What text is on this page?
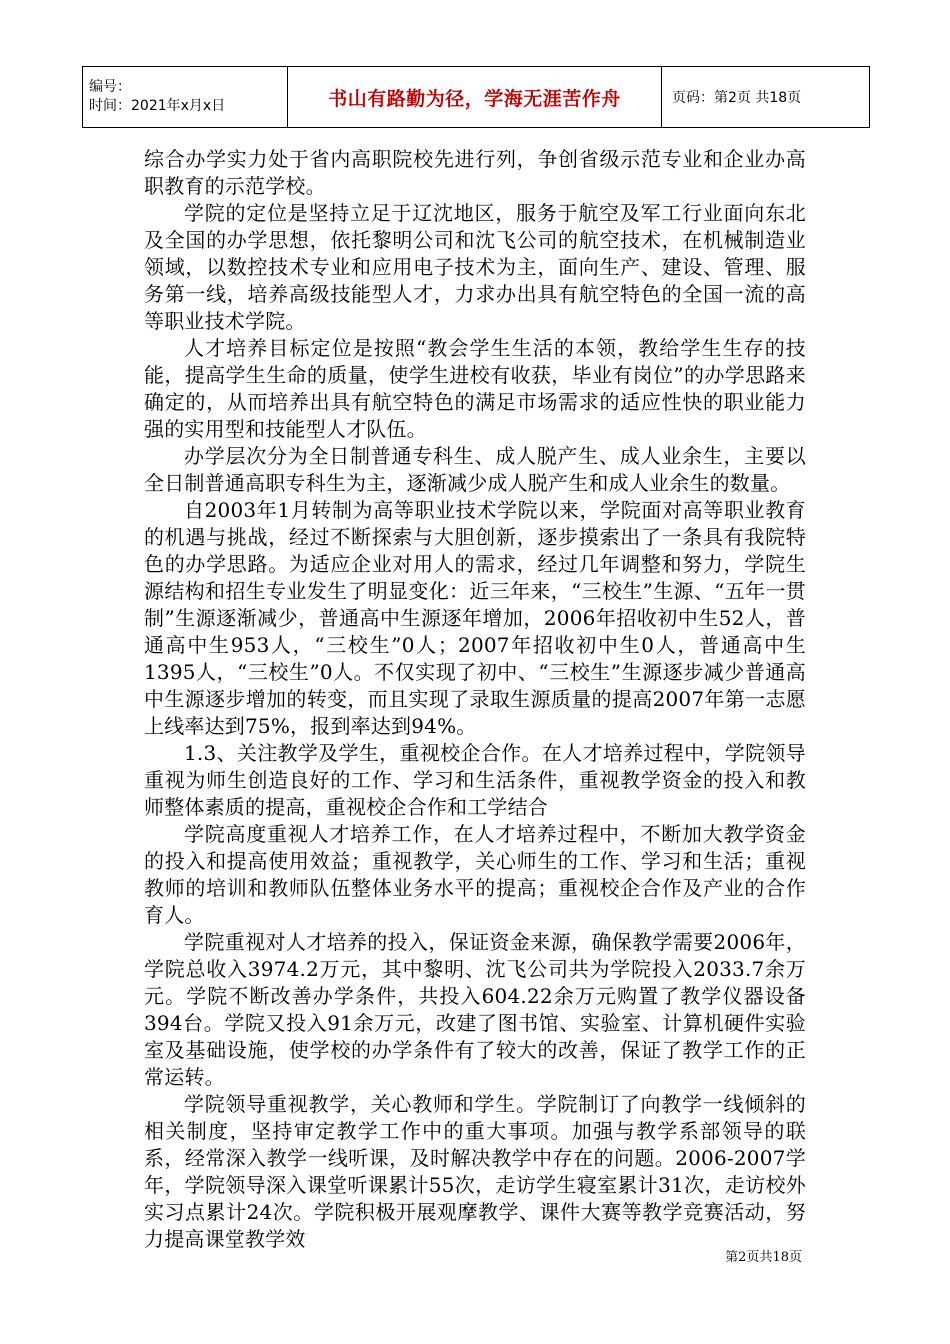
编号：
时间：2021年x月x日	书山有路勤为径，学海无涯苦作舟	页码：第2页 共18页

综合办学实力处于省内高职院校先进行列，争创省级示范专业和企业办高职教育的示范学校。

学院的定位是坚持立足于辽沈地区，服务于航空及军工行业面向东北及全国的办学思想，依托黎明公司和沈飞公司的航空技术，在机械制造业领域，以数控技术专业和应用电子技术为主，面向生产、建设、管理、服务第一线，培养高级技能型人才，力求办出具有航空特色的全国一流的高等职业技术学院。

人才培养目标定位是按照“教会学生生活的本领，教给学生生存的技能，提高学生生命的质量，使学生进校有收获，毕业有岗位”的办学思路来确定的，从而培养出具有航空特色的满足市场需求的适应性快的职业能力强的实用型和技能型人才队伍。

办学层次分为全日制普通专科生、成人脱产生、成人业余生，主要以全日制普通高职专科生为主，逐渐减少成人脱产生和成人业余生的数量。

自2003年1月转制为高等职业技术学院以来，学院面对高等职业教育的机遇与挑战，经过不断探索与大胆创新，逐步摸索出了一条具有我院特色的办学思路。为适应企业对用人的需求，经过几年调整和努力，学院生源结构和招生专业发生了明显变化：近三年来，“三校生”生源、“五年一贯制”生源逐渐减少，普通高中生源逐年增加，2006年招收初中生52人，普通高中生953人，“三校生”0人；2007年招收初中生0人，普通高中生1395人，“三校生”0人。不仅实现了初中、“三校生”生源逐步减少普通高中生源逐步增加的转变，而且实现了录取生源质量的提高2007年第一志愿上线率达到75%，报到率达到94%。

1.3、关注教学及学生，重视校企合作。在人才培养过程中，学院领导重视为师生创造良好的工作、学习和生活条件，重视教学资金的投入和教师整体素质的提高，重视校企合作和工学结合

学院高度重视人才培养工作，在人才培养过程中，不断加大教学资金的投入和提高使用效益；重视教学，关心师生的工作、学习和生活；重视教师的培训和教师队伍整体业务水平的提高；重视校企合作及产业的合作育人。

学院重视对人才培养的投入，保证资金来源，确保教学需要2006年，学院总收入3974.2万元，其中黎明、沈飞公司共为学院投入2033.7余万元。学院不断改善办学条件，共投入604.22余万元购置了教学仪器设备394台。学院又投入91余万元，改建了图书馆、实验室、计算机硬件实验室及基础设施，使学校的办学条件有了较大的改善，保证了教学工作的正常运转。

学院领导重视教学，关心教师和学生。学院制订了向教学一线倾斜的相关制度，坚持审定教学工作中的重大事项。加强与教学系部领导的联系，经常深入教学一线听课，及时解决教学中存在的问题。2006-2007学年，学院领导深入课堂听课累计55次，走访学生寝室累计31次，走访校外实习点累计24次。学院积极开展观摩教学、课件大赛等教学竞赛活动，努力提高课堂教学效

第2页共18页
